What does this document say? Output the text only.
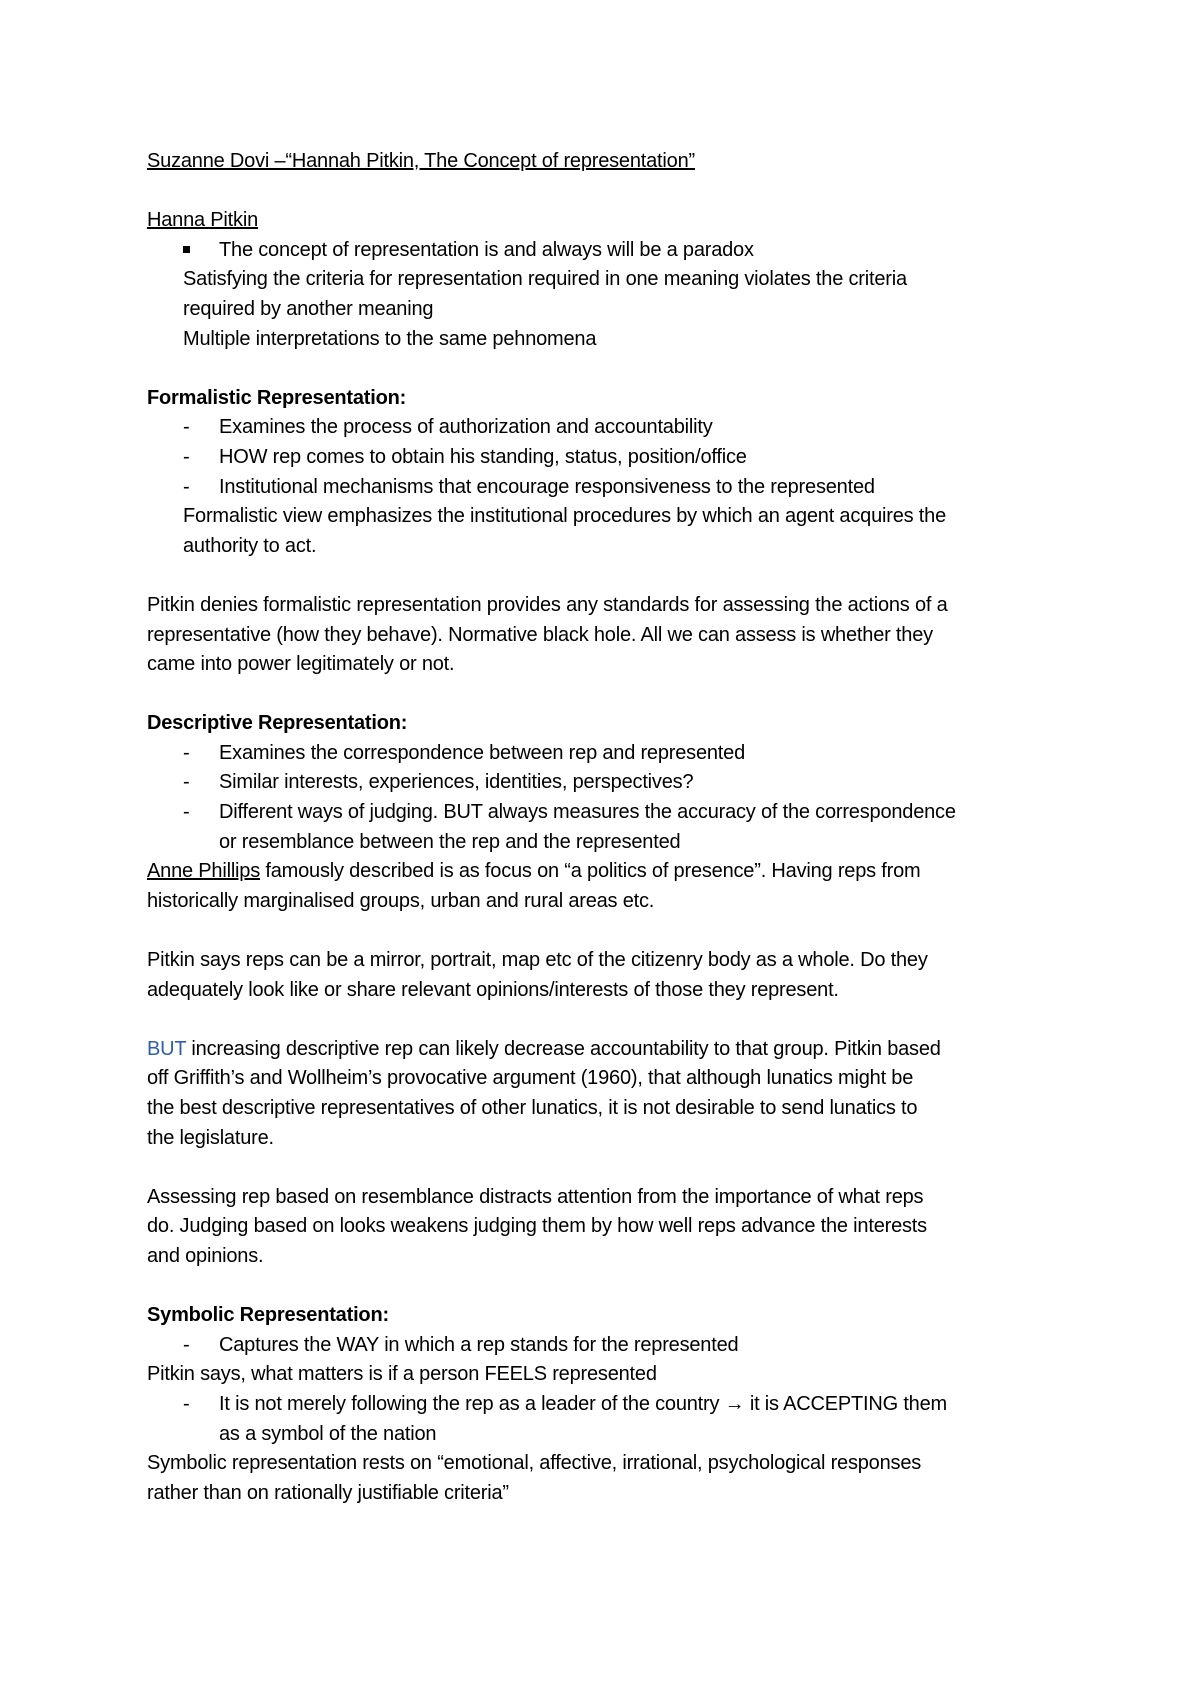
Suzanne Dovi –“Hannah Pitkin, The Concept of representation”
Hanna Pitkin
The concept of representation is and always will be a paradox
Satisfying the criteria for representation required in one meaning violates the criteria
required by another meaning
Multiple interpretations to the same pehnomena
Formalistic Representation:
-	Examines the process of authorization and accountability
-	HOW rep comes to obtain his standing, status, position/office
-	Institutional mechanisms that encourage responsiveness to the represented
Formalistic view emphasizes the institutional procedures by which an agent acquires the
authority to act.
Pitkin denies formalistic representation provides any standards for assessing the actions of a
representative (how they behave). Normative black hole. All we can assess is whether they
came into power legitimately or not.
Descriptive Representation:
-	Examines the correspondence between rep and represented
-	Similar interests, experiences, identities, perspectives?
-	Different ways of judging. BUT always measures the accuracy of the correspondence
or resemblance between the rep and the represented
Anne Phillips famously described is as focus on “a politics of presence”. Having reps from
historically marginalised groups, urban and rural areas etc.
Pitkin says reps can be a mirror, portrait, map etc of the citizenry body as a whole. Do they
adequately look like or share relevant opinions/interests of those they represent.
BUT increasing descriptive rep can likely decrease accountability to that group. Pitkin based
off Griffith’s and Wollheim’s provocative argument (1960), that although lunatics might be
the best descriptive representatives of other lunatics, it is not desirable to send lunatics to
the legislature.
Assessing rep based on resemblance distracts attention from the importance of what reps
do. Judging based on looks weakens judging them by how well reps advance the interests
and opinions.
Symbolic Representation:
-	Captures the WAY in which a rep stands for the represented
Pitkin says, what matters is if a person FEELS represented
-	It is not merely following the rep as a leader of the country → it is ACCEPTING them
as a symbol of the nation
Symbolic representation rests on “emotional, affective, irrational, psychological responses
rather than on rationally justifiable criteria”
